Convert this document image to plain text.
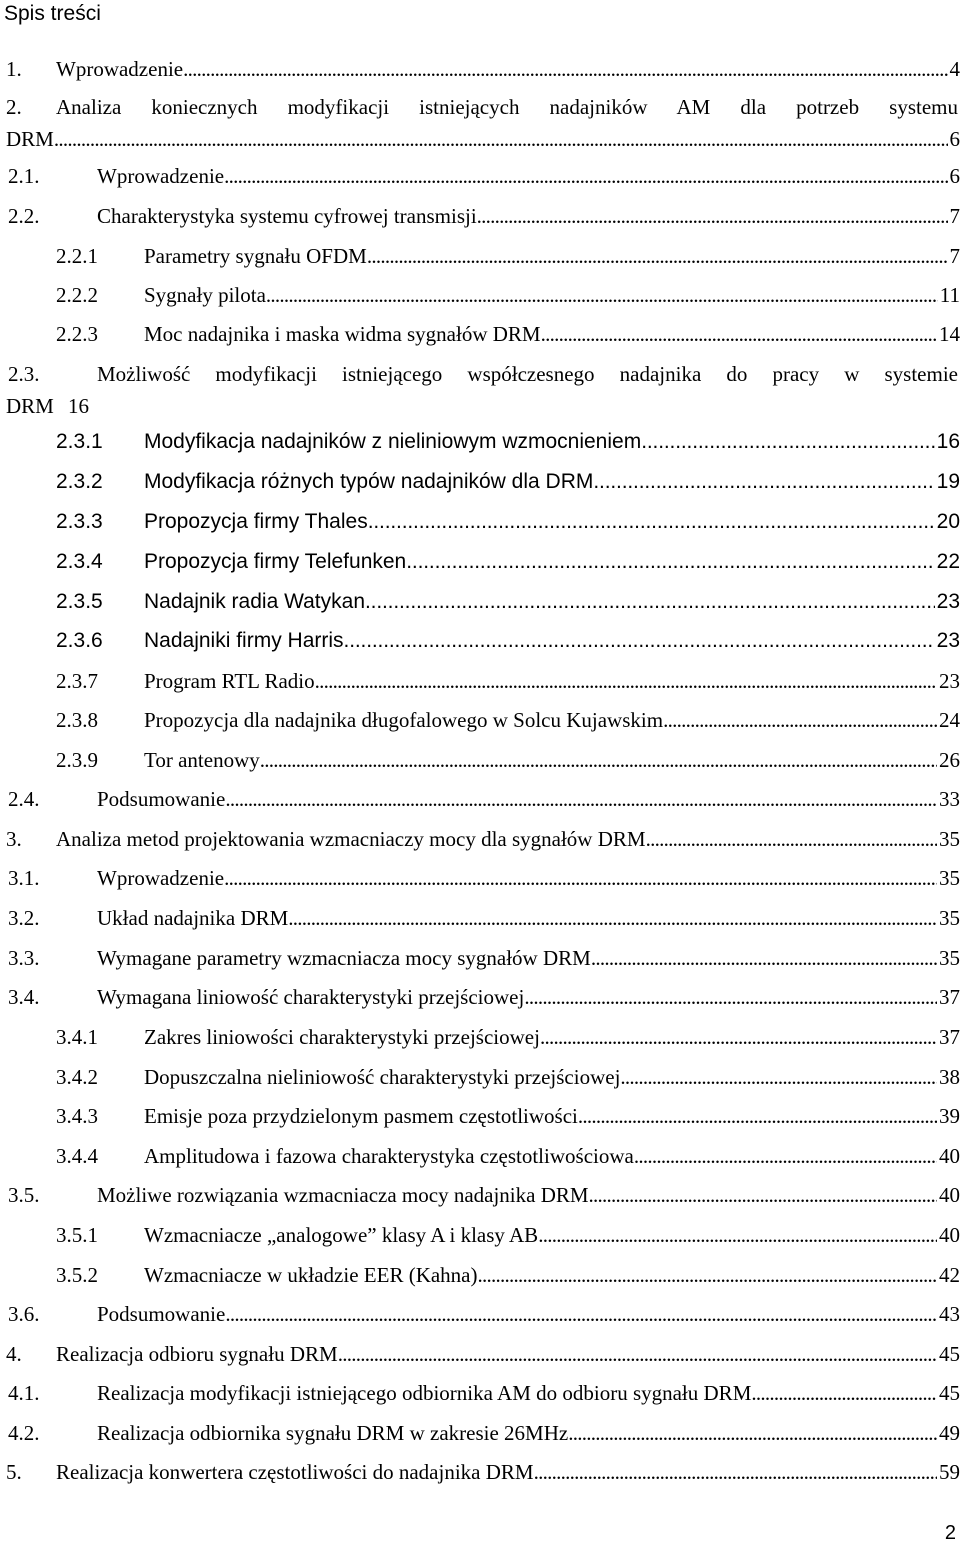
Spis treści
1. Wprowadzenie . . .	4
2. Analiza koniecznych modyfikacji istniejących nadajników AM dla potrzeb systemu
DRM . . .	6
2.1.	Wprowadzenie . . .	6
2.2.	Charakterystyka systemu cyfrowej transmisji . . .	7
2.2.1 Parametry sygnału OFDM . . .	7
2.2.2 Sygnały pilota . . .	11
2.2.3 Moc nadajnika i maska widma sygnałów DRM . . .	14
2.3.	Możliwość modyfikacji istniejącego współczesnego nadajnika do pracy w systemie
DRM 16
2.3.1 Modyfikacja nadajników z nieliniowym wzmocnieniem . . .	16
2.3.2 Modyfikacja różnych typów nadajników dla DRM . . .	19
2.3.3 Propozycja firmy Thales . . .	20
2.3.4 Propozycja firmy Telefunken . . .	22
2.3.5 Nadajnik radia Watykan . . .	23
2.3.6 Nadajniki firmy Harris . . .	23
2.3.7 Program RTL Radio . . .	23
2.3.8 Propozycja dla nadajnika długofalowego w Solcu Kujawskim . . .	24
2.3.9 Tor antenowy . . .	26
2.4.	Podsumowanie . . .	33
3. Analiza metod projektowania wzmacniaczy mocy dla sygnałów DRM . . .	35
3.1.	Wprowadzenie . . .	35
3.2.	Układ nadajnika DRM . . .	35
3.3.	Wymagane parametry wzmacniacza mocy sygnałów DRM . . .	35
3.4.	Wymagana liniowość charakterystyki przejściowej . . .	37
3.4.1 Zakres liniowości charakterystyki przejściowej . . .	37
3.4.2 Dopuszczalna nieliniowość charakterystyki przejściowej . . .	38
3.4.3 Emisje poza przydzielonym pasmem częstotliwości . . .	39
3.4.4 Amplitudowa i fazowa charakterystyka częstotliwościowa . . .	40
3.5.	Możliwe rozwiązania wzmacniacza mocy nadajnika DRM . . .	40
3.5.1 Wzmacniacze „analogowe” klasy A i klasy AB . . .	40
3.5.2 Wzmacniacze w układzie EER (Kahna) . . .	42
3.6.	Podsumowanie . . .	43
4. Realizacja odbioru sygnału DRM . . .	45
4.1.	Realizacja modyfikacji istniejącego odbiornika AM do odbioru sygnału DRM . . .	45
4.2.	Realizacja odbiornika sygnału DRM w zakresie 26MHz . . .	49
5. Realizacja konwertera częstotliwości do nadajnika DRM . . .	59
2
